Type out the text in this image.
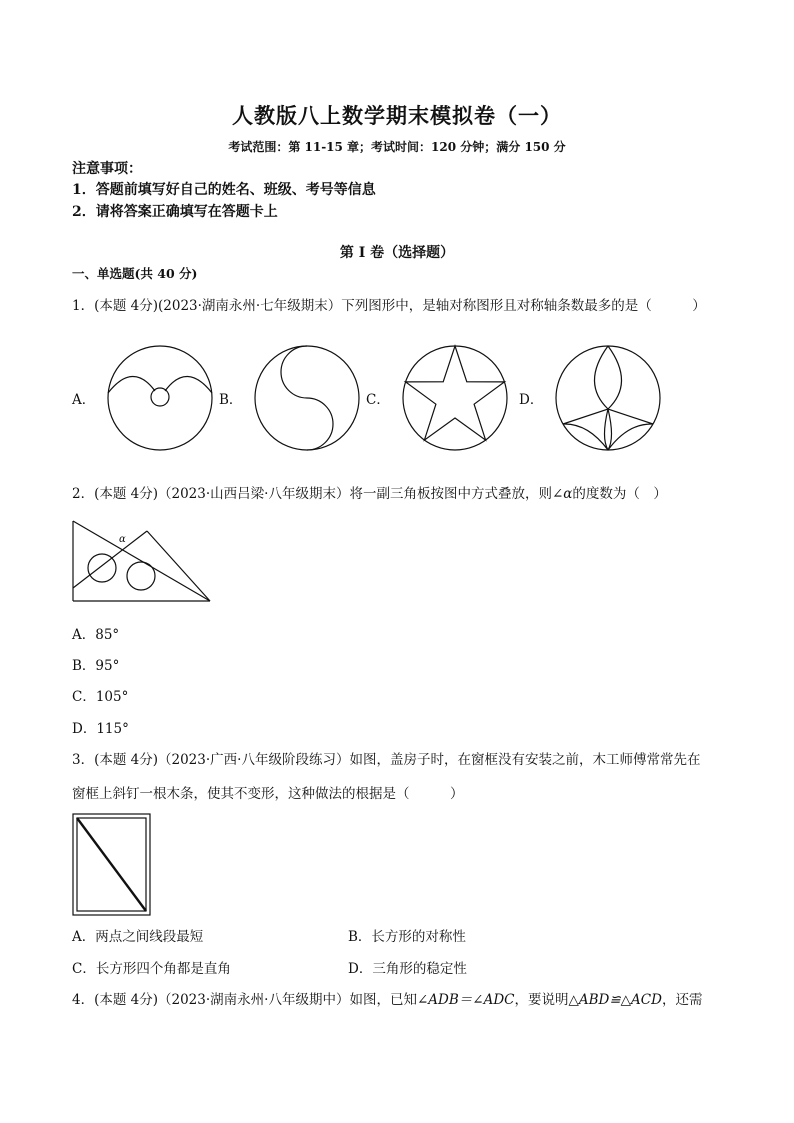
人教版八上数学期末模拟卷（一）
考试范围：第 11-15 章；考试时间：120 分钟；满分 150 分
注意事项：
1．答题前填写好自己的姓名、班级、考号等信息
2．请将答案正确填写在答题卡上
第 I 卷（选择题）
一、单选题(共 40 分)
1．(本题 4分)(2023·湖南永州·七年级期末）下列图形中，是轴对称图形且对称轴条数最多的是（　　　）
A．	B．	C．	D．
2．(本题 4分)（2023·山西吕梁·八年级期末）将一副三角板按图中方式叠放，则∠α的度数为（　）
α
A．85°
B．95°
C．105°
D．115°
3．(本题 4分)（2023·广西·八年级阶段练习）如图，盖房子时，在窗框没有安装之前，木工师傅常常先在
窗框上斜钉一根木条，使其不变形，这种做法的根据是（　　　）
A．两点之间线段最短	B．长方形的对称性
C．长方形四个角都是直角	D．三角形的稳定性
4．(本题 4分)（2023·湖南永州·八年级期中）如图，已知∠ADB＝∠ADC，要说明△ABD≌△ACD，还需
